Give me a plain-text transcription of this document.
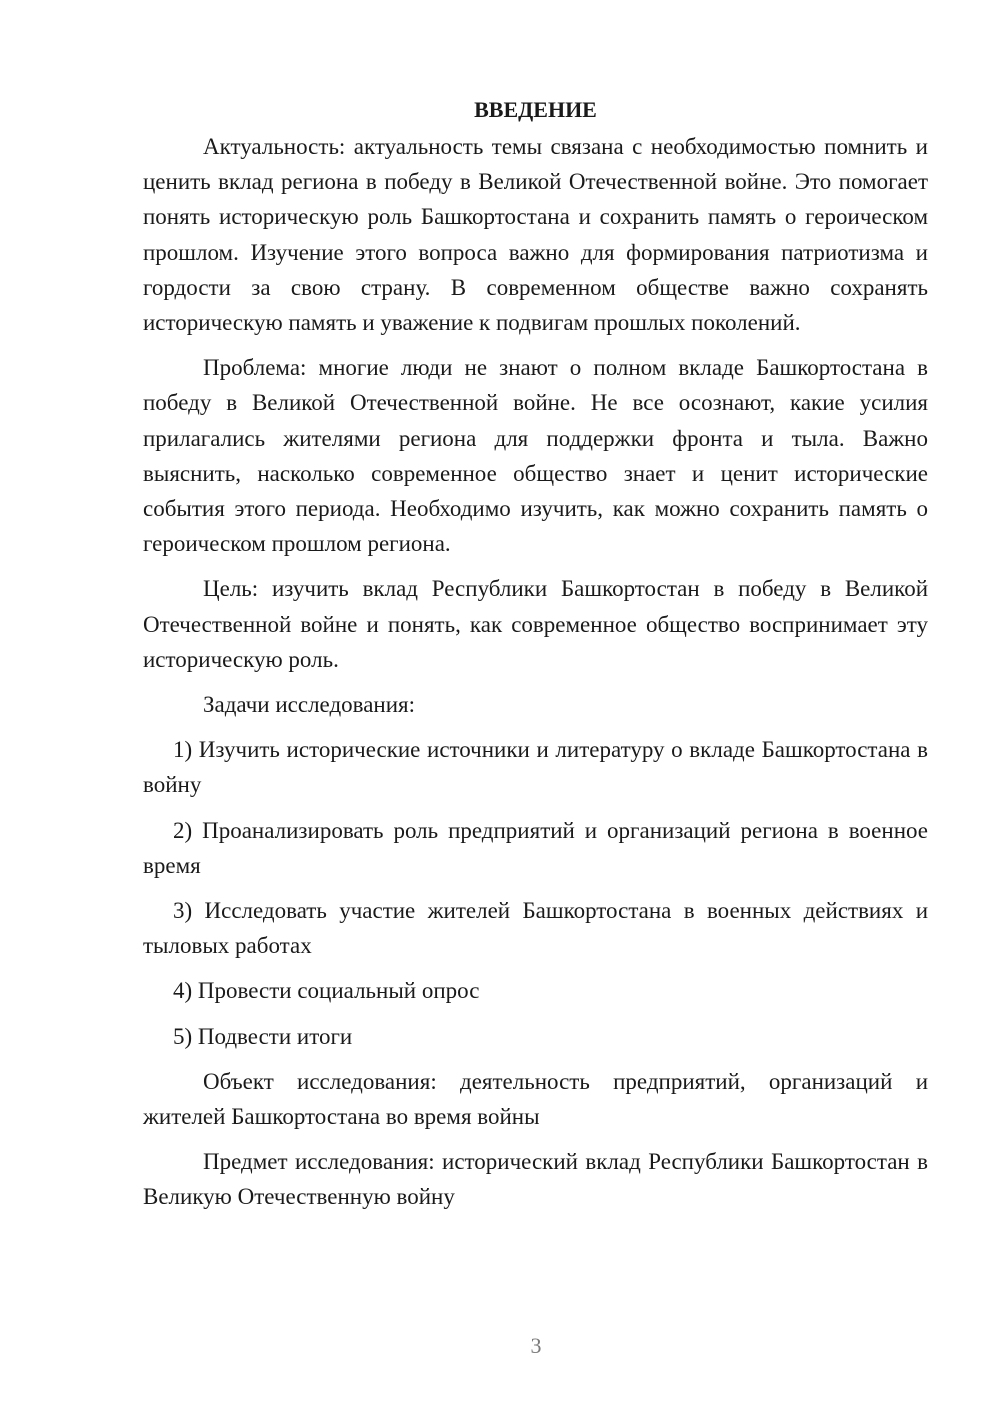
ВВЕДЕНИЕ

Актуальность: актуальность темы связана с необходимостью помнить и ценить вклад региона в победу в Великой Отечественной войне. Это помогает понять историческую роль Башкортостана и сохранить память о героическом прошлом. Изучение этого вопроса важно для формирования патриотизма и гордости за свою страну. В современном обществе важно сохранять историческую память и уважение к подвигам прошлых поколений.

Проблема: многие люди не знают о полном вкладе Башкортостана в победу в Великой Отечественной войне. Не все осознают, какие усилия прилагались жителями региона для поддержки фронта и тыла. Важно выяснить, насколько современное общество знает и ценит исторические события этого периода. Необходимо изучить, как можно сохранить память о героическом прошлом региона.

Цель: изучить вклад Республики Башкортостан в победу в Великой Отечественной войне и понять, как современное общество воспринимает эту историческую роль.

Задачи исследования:

1) Изучить исторические источники и литературу о вкладе Башкортостана в войну

2) Проанализировать роль предприятий и организаций региона в военное время

3) Исследовать участие жителей Башкортостана в военных действиях и тыловых работах

4) Провести социальный опрос

5) Подвести итоги

Объект исследования: деятельность предприятий, организаций и жителей Башкортостана во время войны

Предмет исследования: исторический вклад Республики Башкортостан в Великую Отечественную войну

3
